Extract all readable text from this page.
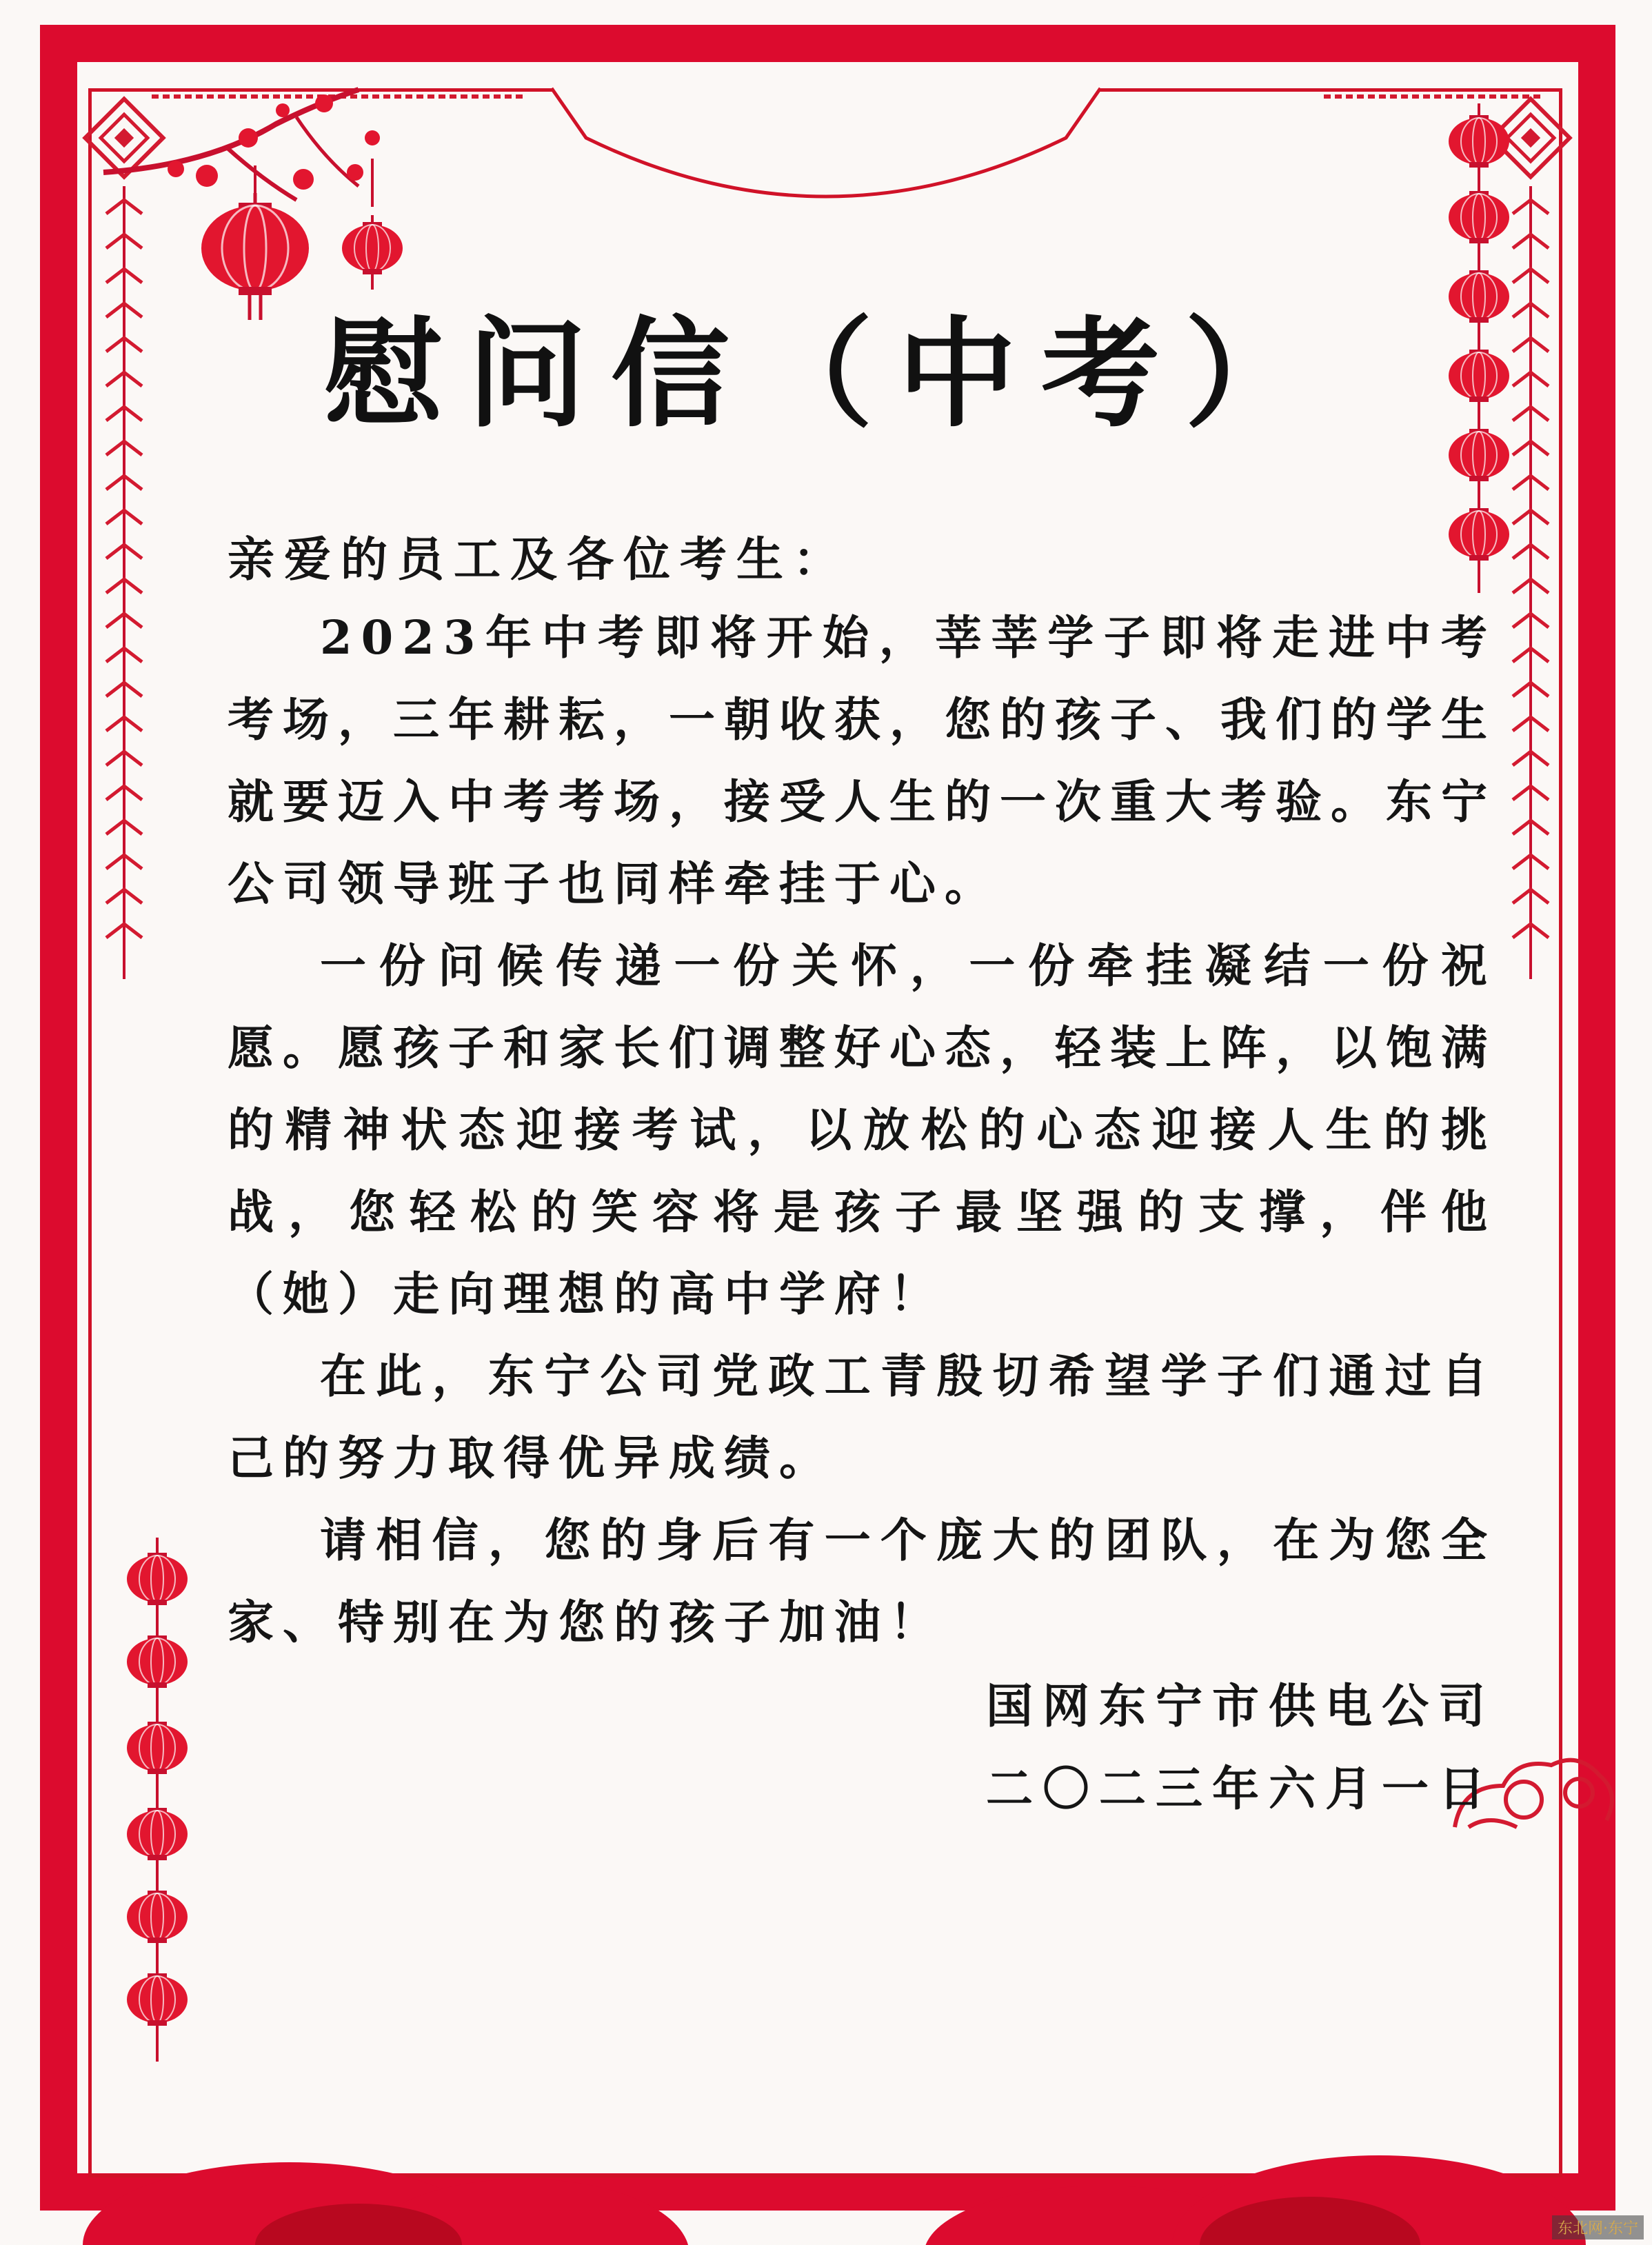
慰问信（中考）
亲爱的员工及各位考生：

2023年中考即将开始，莘莘学子即将走进中考考场，三年耕耘，一朝收获，您的孩子、我们的学生就要迈入中考考场，接受人生的一次重大考验。东宁公司领导班子也同样牵挂于心。

一份问候传递一份关怀，一份牵挂凝结一份祝愿。愿孩子和家长们调整好心态，轻装上阵，以饱满的精神状态迎接考试，以放松的心态迎接人生的挑战，您轻松的笑容将是孩子最坚强的支撑，伴他（她）走向理想的高中学府！

在此，东宁公司党政工青殷切希望学子们通过自己的努力取得优异成绩。

请相信，您的身后有一个庞大的团队，在为您全家、特别在为您的孩子加油！

国网东宁市供电公司
二〇二三年六月一日
东北网·东宁
